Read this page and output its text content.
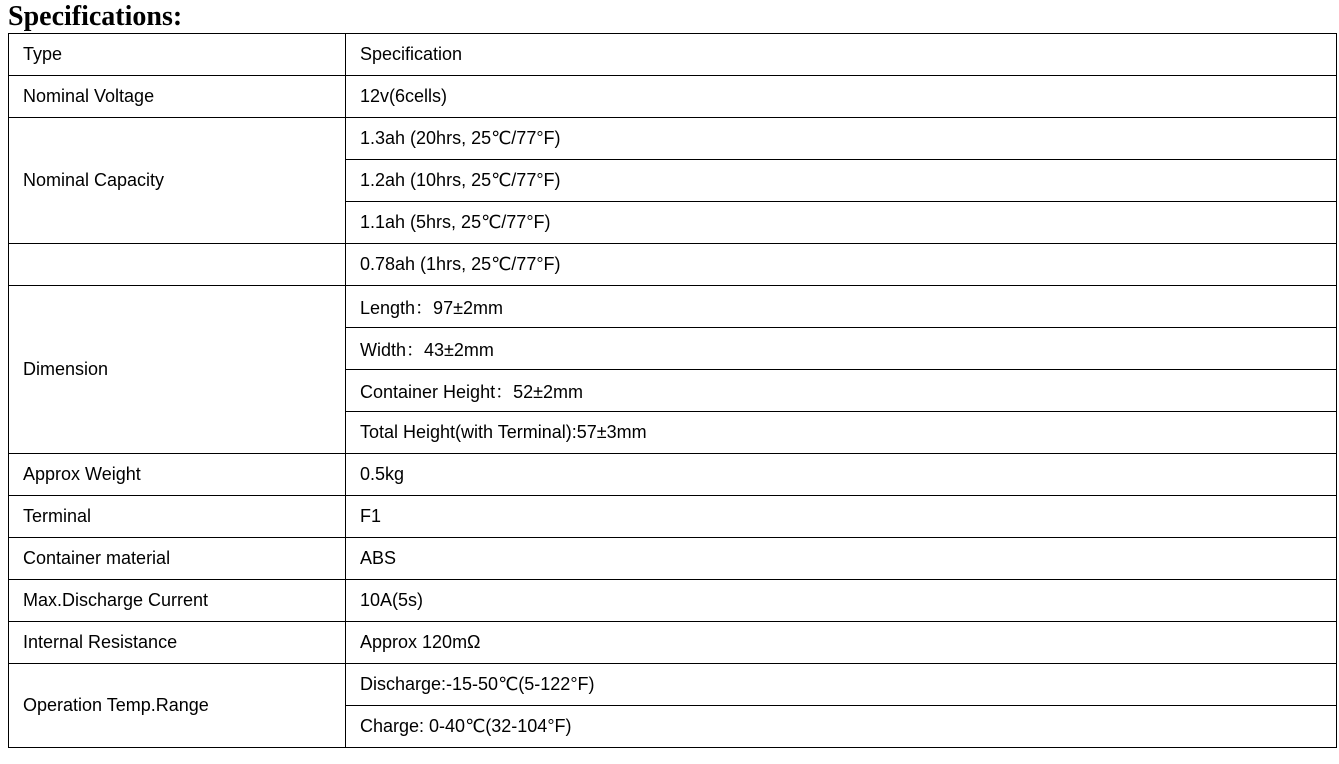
Specifications:
Type	Specification
Nominal Voltage	12v(6cells)
Nominal Capacity	1.3ah (20hrs, 25℃/77°F)
	1.2ah (10hrs, 25℃/77°F)
	1.1ah (5hrs, 25℃/77°F)
	0.78ah (1hrs, 25℃/77°F)
Dimension	Length：97±2mm
	Width：43±2mm
	Container Height：52±2mm
	Total Height(with Terminal):57±3mm
Approx Weight	0.5kg
Terminal	F1
Container material	ABS
Max.Discharge Current	10A(5s)
Internal Resistance	Approx 120mΩ
Operation Temp.Range	Discharge:-15-50℃(5-122°F)
	Charge: 0-40℃(32-104°F)
